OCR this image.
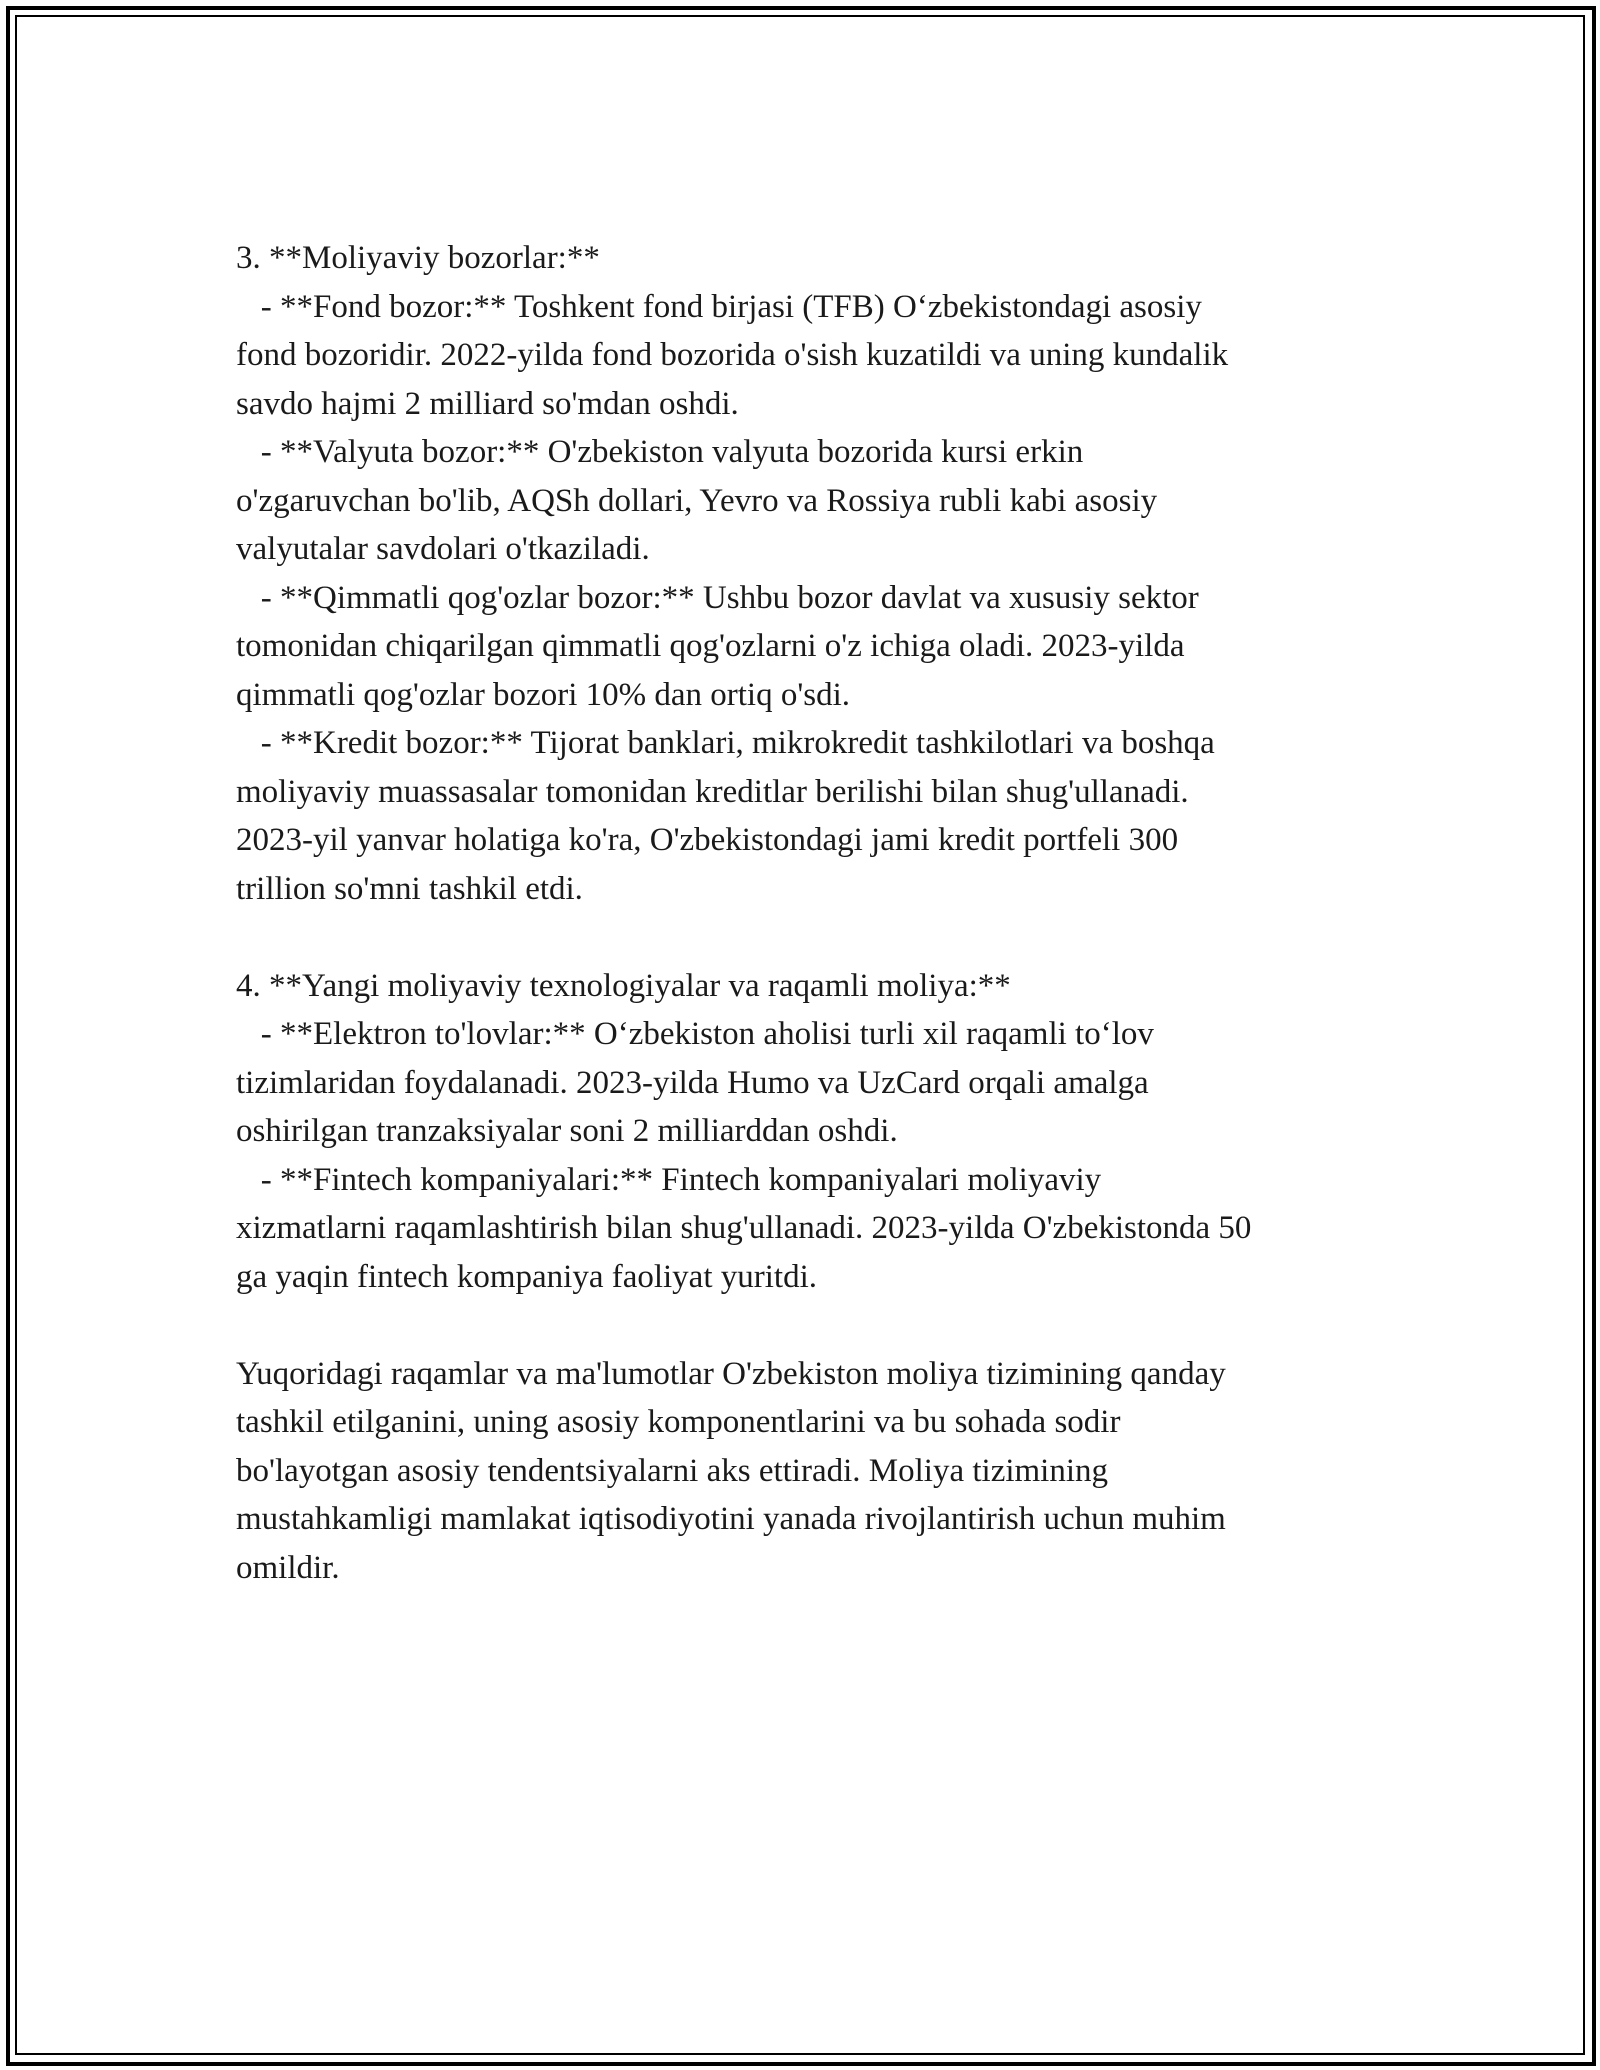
3. **Moliyaviy bozorlar:**
- **Fond bozor:** Toshkent fond birjasi (TFB) O‘zbekistondagi asosiy
fond bozoridir. 2022-yilda fond bozorida o'sish kuzatildi va uning kundalik
savdo hajmi 2 milliard so'mdan oshdi.
- **Valyuta bozor:** O'zbekiston valyuta bozorida kursi erkin
o'zgaruvchan bo'lib, AQSh dollari, Yevro va Rossiya rubli kabi asosiy
valyutalar savdolari o'tkaziladi.
- **Qimmatli qog'ozlar bozor:** Ushbu bozor davlat va xususiy sektor
tomonidan chiqarilgan qimmatli qog'ozlarni o'z ichiga oladi. 2023-yilda
qimmatli qog'ozlar bozori 10% dan ortiq o'sdi.
- **Kredit bozor:** Tijorat banklari, mikrokredit tashkilotlari va boshqa
moliyaviy muassasalar tomonidan kreditlar berilishi bilan shug'ullanadi.
2023-yil yanvar holatiga ko'ra, O'zbekistondagi jami kredit portfeli 300
trillion so'mni tashkil etdi.
4. **Yangi moliyaviy texnologiyalar va raqamli moliya:**
- **Elektron to'lovlar:** O‘zbekiston aholisi turli xil raqamli to‘lov
tizimlaridan foydalanadi. 2023-yilda Humo va UzCard orqali amalga
oshirilgan tranzaksiyalar soni 2 milliarddan oshdi.
- **Fintech kompaniyalari:** Fintech kompaniyalari moliyaviy
xizmatlarni raqamlashtirish bilan shug'ullanadi. 2023-yilda O'zbekistonda 50
ga yaqin fintech kompaniya faoliyat yuritdi.
Yuqoridagi raqamlar va ma'lumotlar O'zbekiston moliya tizimining qanday
tashkil etilganini, uning asosiy komponentlarini va bu sohada sodir
bo'layotgan asosiy tendentsiyalarni aks ettiradi. Moliya tizimining
mustahkamligi mamlakat iqtisodiyotini yanada rivojlantirish uchun muhim
omildir.
